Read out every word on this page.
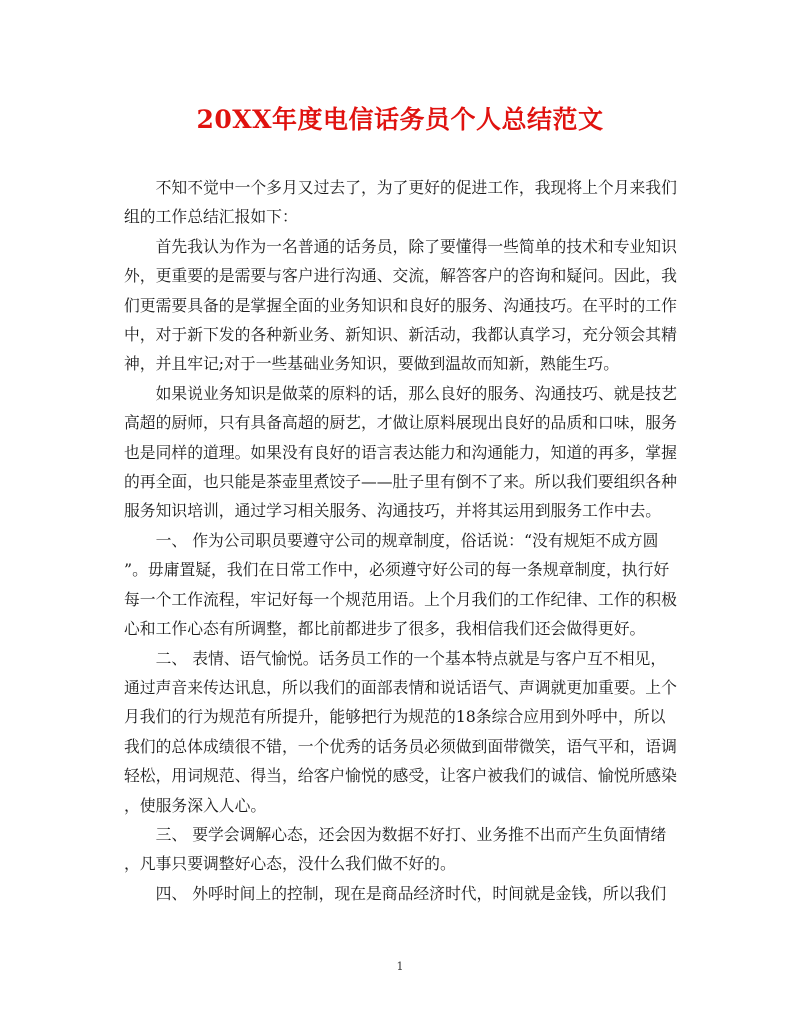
20XX年度电信话务员个人总结范文

不知不觉中一个多月又过去了，为了更好的促进工作，我现将上个月来我们
组的工作总结汇报如下：

首先我认为作为一名普通的话务员，除了要懂得一些简单的技术和专业知识
外，更重要的是需要与客户进行沟通、交流，解答客户的咨询和疑问。因此，我
们更需要具备的是掌握全面的业务知识和良好的服务、沟通技巧。在平时的工作
中，对于新下发的各种新业务、新知识、新活动，我都认真学习，充分领会其精
神，并且牢记;对于一些基础业务知识，要做到温故而知新，熟能生巧。

如果说业务知识是做菜的原料的话，那么良好的服务、沟通技巧、就是技艺
高超的厨师，只有具备高超的厨艺，才做让原料展现出良好的品质和口味，服务
也是同样的道理。如果没有良好的语言表达能力和沟通能力，知道的再多，掌握
的再全面，也只能是茶壶里煮饺子——肚子里有倒不了来。所以我们要组织各种
服务知识培训，通过学习相关服务、沟通技巧，并将其运用到服务工作中去。

一、 作为公司职员要遵守公司的规章制度，俗话说：“没有规矩不成方圆
”。毋庸置疑，我们在日常工作中，必须遵守好公司的每一条规章制度，执行好
每一个工作流程，牢记好每一个规范用语。上个月我们的工作纪律、工作的积极
心和工作心态有所调整，都比前都进步了很多，我相信我们还会做得更好。

二、 表情、语气愉悦。话务员工作的一个基本特点就是与客户互不相见，
通过声音来传达讯息，所以我们的面部表情和说话语气、声调就更加重要。上个
月我们的行为规范有所提升，能够把行为规范的18条综合应用到外呼中，所以
我们的总体成绩很不错，一个优秀的话务员必须做到面带微笑，语气平和，语调
轻松，用词规范、得当，给客户愉悦的感受，让客户被我们的诚信、愉悦所感染
，使服务深入人心。

三、 要学会调解心态，还会因为数据不好打、业务推不出而产生负面情绪
，凡事只要调整好心态，没什么我们做不好的。

四、 外呼时间上的控制，现在是商品经济时代，时间就是金钱，所以我们

1
